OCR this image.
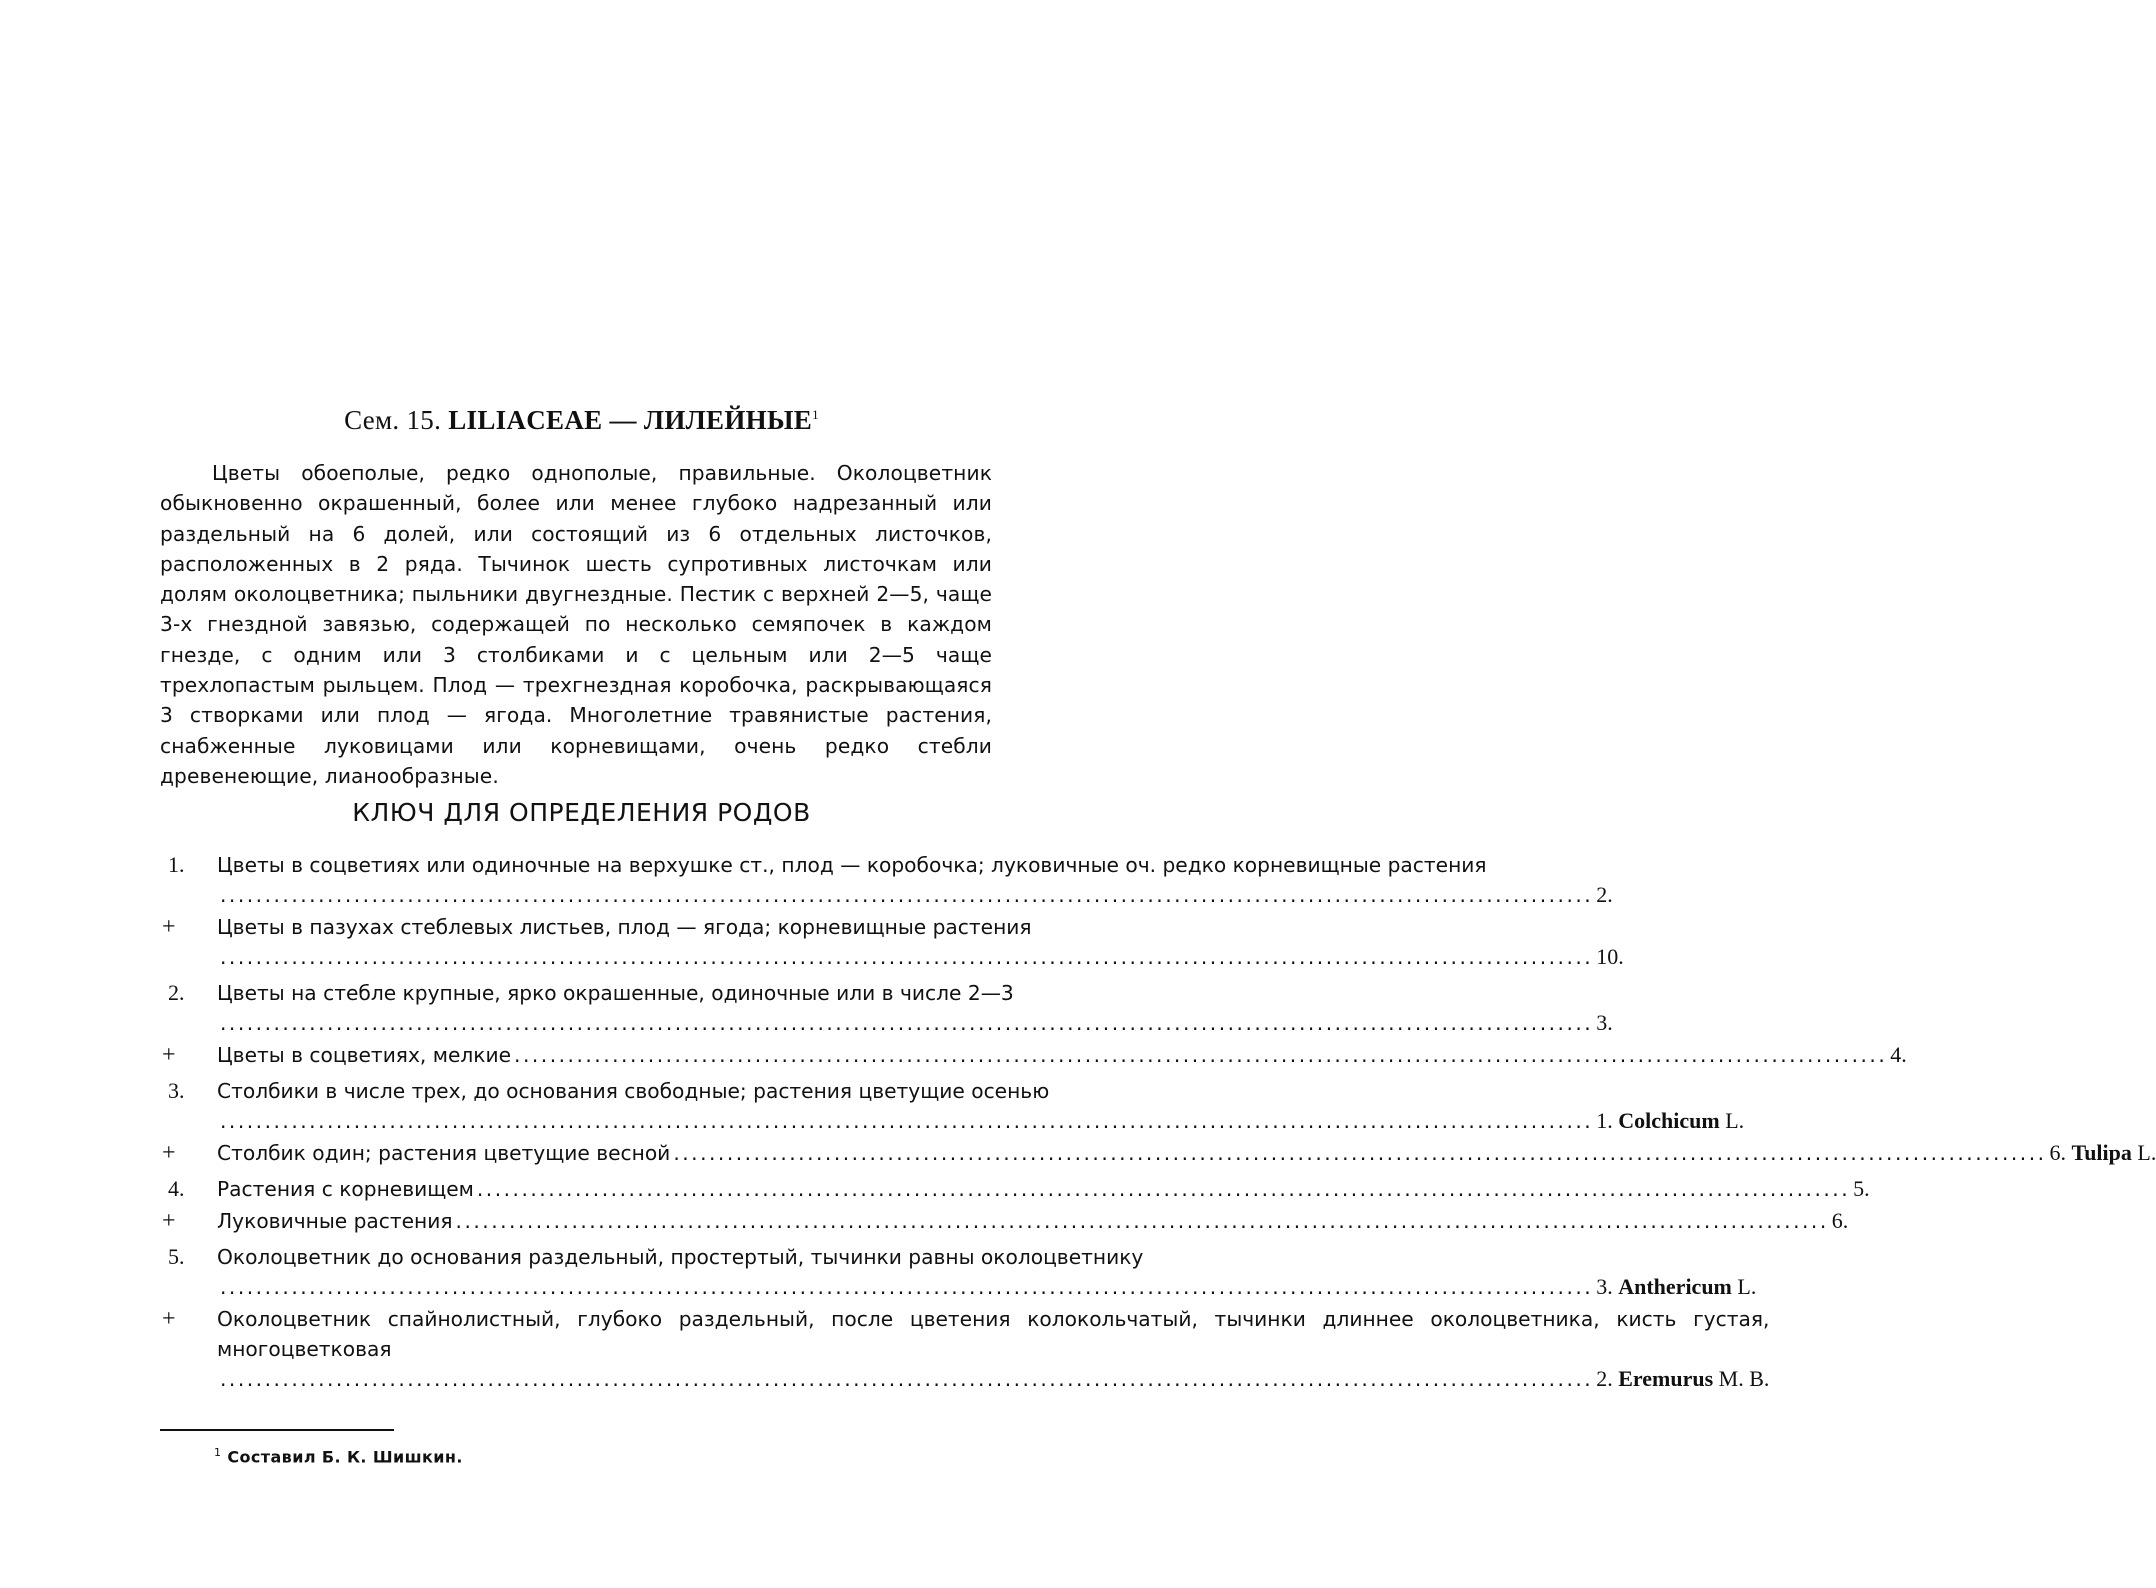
Сем. 15. LILIACEAE — ЛИЛЕЙНЫЕ$^1$

Цветы обоеполые, редко однополые, правильные. Околоцветник обыкновенно окрашенный, более или менее глубоко надрезанный или раздельный на 6 долей, или состоящий из 6 отдельных листочков, расположенных в 2 ряда. Тычинок шесть супротивных листочкам или долям околоцветника; пыльники двугнездные. Пестик с верхней 2—5, чаще 3-х гнездной завязью, содержащей по несколько семяпочек в каждом гнезде, с одним или 3 столбиками и с цельным или 2—5 чаще трехлопастым рыльцем. Плод — трехгнездная коробочка, раскрывающаяся 3 створками или плод — ягода. Многолетние травянистые растения, снабженные луковицами или корневищами, очень редко стебли древенеющие, лианообразные.

КЛЮЧ ДЛЯ ОПРЕДЕЛЕНИЯ РОДОВ
1.	Цветы в соцветиях или одиночные на верхушке ст., плод — коробочка; луковичные оч. редко корневищные растения
.....
2.
+	Цветы в пазухах стеблевых листьев, плод — ягода; корневищные растения
.....
10.
2.	Цветы на стебле крупные, ярко окрашенные, одиночные или в числе 2—3
.....
3.
+	Цветы в соцветиях, мелкие .....	4.
3.	Столбики в числе трех, до основания свободные; растения цветущие осенью
.....
1. Colchicum L.
+	Столбик один; растения цветущие весной .....	6. Tulipa L.
4.	Растения с корневищем .....	5.
+	Луковичные растения .....	6.
5.	Околоцветник до основания раздельный, простертый, тычинки равны околоцветнику
.....
3. Anthericum L.
+	Околоцветник спайнолистный, глубоко раздельный, после цветения колокольчатый, тычинки длиннее околоцветника, кисть густая, многоцветковая
.....
2. Eremurus M. B.
$^1$ Составил Б. К. Шишкин.
